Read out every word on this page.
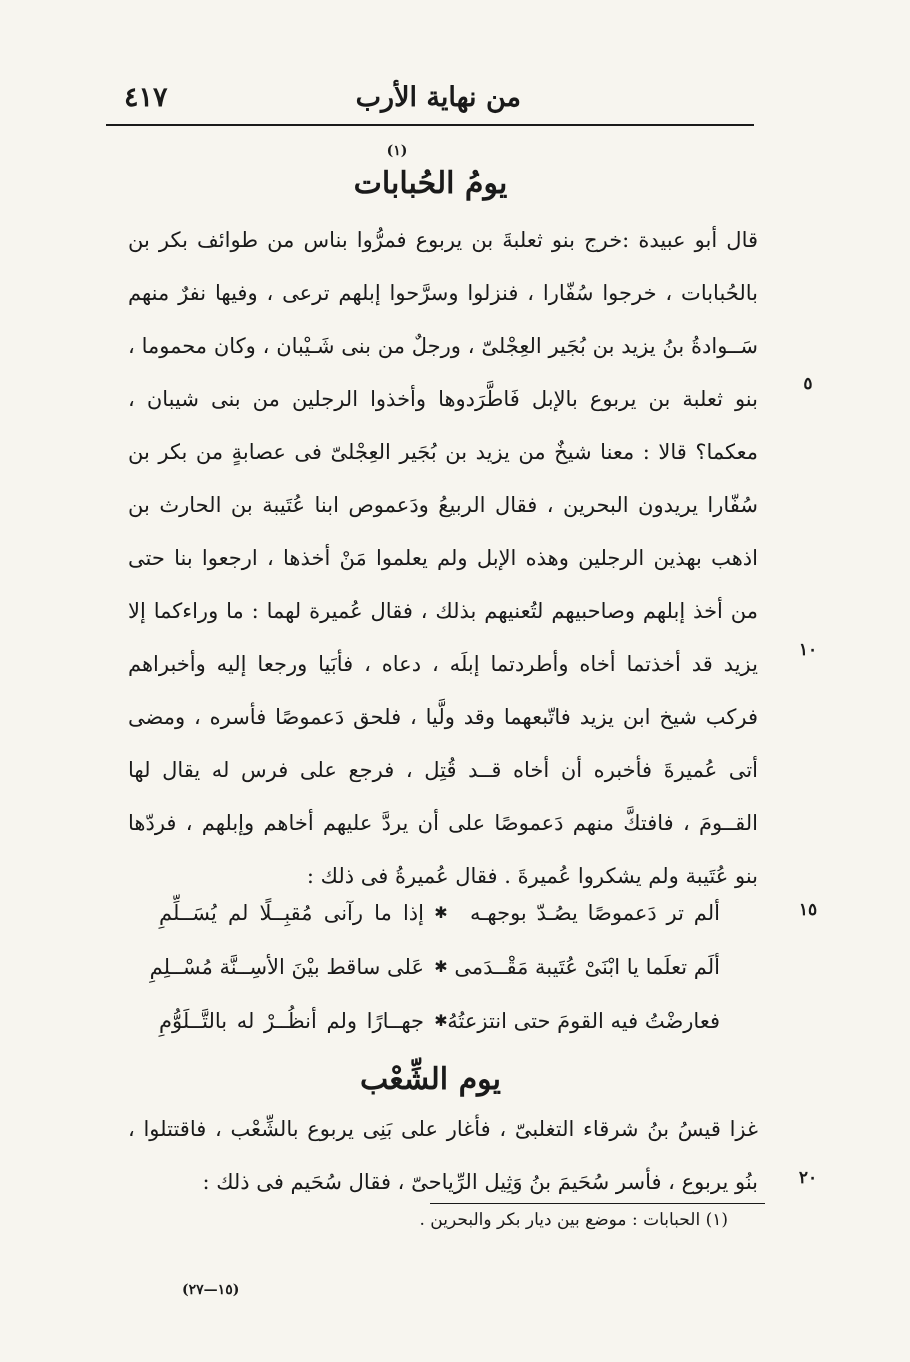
من نهاية الأرب
٤١٧
(١)
يومُ الحُبابات
قال أبو عبيدة :خرج بنو ثعلبةَ بن يربوع فمرُّوا بناس من طوائف بكر بن
بالحُبابات ، خرجوا سُفّارا ، فنزلوا وسرَّحوا إبلهم ترعى ، وفيها نفرٌ منهم
سَــوادةُ بنُ يزيد بن بُجَير العِجْلىّ ، ورجلٌ من بنى شَـيْبان ، وكان محموما ،
بنو ثعلبة بن يربوع بالإبل فَاطَّرَدوها وأخذوا الرجلين من بنى شيبان ،
معكما؟ قالا : معنا شيخٌ من يزيد بن بُجَير العِجْلىّ فى عصابةٍ من بكر بن
سُفّارا يريدون البحرين ، فقال الربيعُ ودَعموص ابنا عُتَيبة بن الحارث بن
اذهب بهذين الرجلين وهذه الإبل ولم يعلموا مَنْ أخذها ، ارجعوا بنا حتى
من أخذ إبلهم وصاحبيهم لتُعنيهم بذلك ، فقال عُميرة لهما : ما وراءكما إلا
يزيد قد أخذتما أخاه وأطردتما إبلَه ، دعاه ، فأبَيا ورجعا إليه وأخبراهم
فركب شيخ ابن يزيد فاتّبعهما وقد ولَّيا ، فلحق دَعموصًا فأسره ، ومضى
أتى عُميرةَ فأخبره أن أخاه قــد قُتِل ، فرجع على فرس له يقال لها
القــومَ ، فافتكَّ منهم دَعموصًا على أن يردَّ عليهم أخاهم وإبلهم ، فردّها
بنو عُتَيبة ولم يشكروا عُميرةَ . فقال عُميرةُ فى ذلك :
ألم تر دَعموصًا يصُـدّ بوجهـه
✱
إذا ما رآنى مُقبِــلًا لم يُسَــلِّمِ
ألَم تعلَما يا ابْنَىْ عُتَيبة مَقْــدَمى
✱
عَلى ساقط بيْنَ الأسِــنَّة مُسْــلِمِ
فعارضْتُ فيه القومَ حتى انتزعتُهُ
✱
جهــارًا ولم أنظُــرْ له بالتَّــلَوُّمِ
يوم الشِّعْب
غزا قيسُ بنُ شرقاء التغلبىّ ، فأغار على بَنِى يربوع بالشِّعْب ، فاقتتلوا ،
بنُو يربوع ، فأسر سُحَيمَ بنُ وَثِيل الرِّياحىّ ، فقال سُحَيم فى ذلك :
٥
١٠
١٥
٢٠
(١) الحبابات : موضع بين ديار بكر والبحرين .
(١٥—٢٧)
